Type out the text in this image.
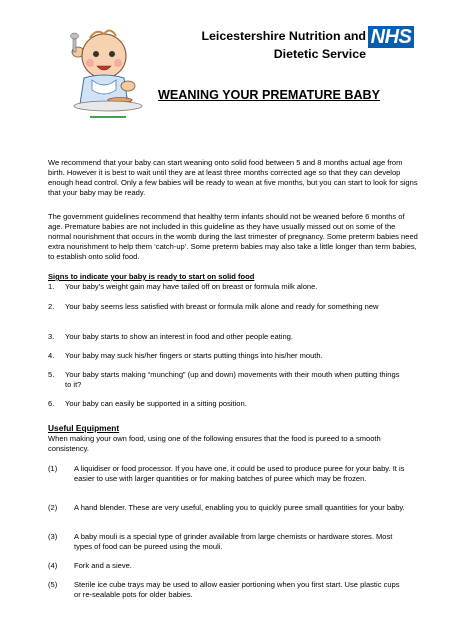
Leicestershire Nutrition and
Dietetic Service
NHS
WEANING YOUR PREMATURE BABY
We recommend that your baby can start weaning onto solid food between 5 and 8 months actual age from birth. However it is best to wait until they are at least three months corrected age so that they can develop enough head control. Only a few babies will be ready to wean at five months, but you can start to look for signs that your baby may be ready.
The government guidelines recommend that healthy term infants should not be weaned before 6 months of age. Premature babies are not included in this guideline as they have usually missed out on some of the normal nourishment that occurs in the womb during the last trimester of pregnancy. Some preterm babies need extra nourishment to help them ‘catch-up’. Some preterm babies may also take a little longer than term babies, to establish onto solid food.
Signs to indicate your baby is ready to start on solid food
1. Your baby’s weight gain may have tailed off on breast or formula milk alone.
2. Your baby seems less satisfied with breast or formula milk alone and ready for something new
3. Your baby starts to show an interest in food and other people eating.
4. Your baby may suck his/her fingers or starts putting things into his/her mouth.
5. Your baby starts making “munching” (up and down) movements with their mouth when putting things to it?
6. Your baby can easily be supported in a sitting position.
Useful Equipment
When making your own food, using one of the following ensures that the food is pureed to a smooth consistency.
(1) A liquidiser or food processor. If you have one, it could be used to produce puree for your baby. It is easier to use with larger quantities or for making batches of puree which may be frozen.
(2) A hand blender. These are very useful, enabling you to quickly puree small quantities for your baby.
(3) A baby mouli is a special type of grinder available from large chemists or hardware stores. Most types of food can be pureed using the mouli.
(4) Fork and a sieve.
(5) Sterile ice cube trays may be used to allow easier portioning when you first start. Use plastic cups or re-sealable pots for older babies.
